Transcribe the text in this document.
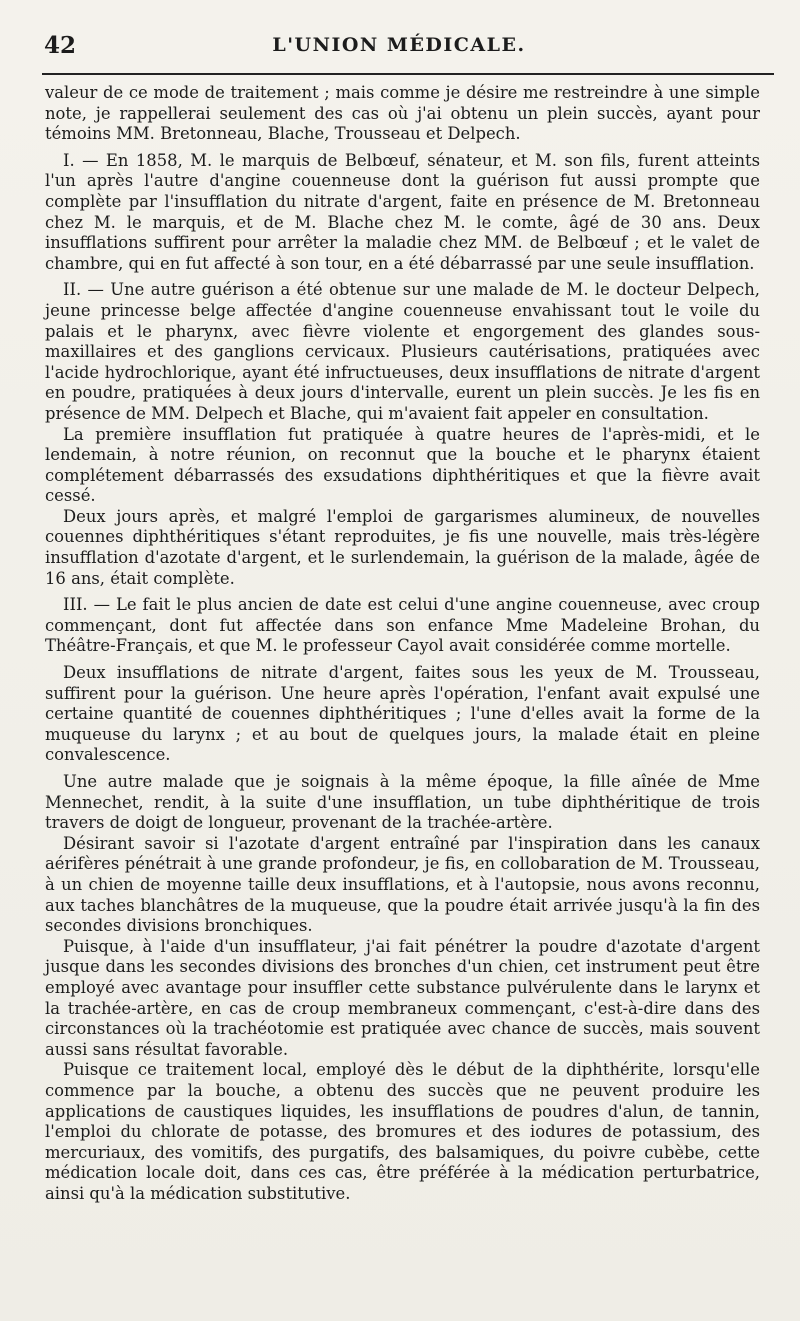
42	L'UNION MÉDICALE.

valeur de ce mode de traitement ; mais comme je désire me restreindre à une simple note, je rappellerai seulement des cas où j'ai obtenu un plein succès, ayant pour témoins MM. Bretonneau, Blache, Trousseau et Delpech.

I. — En 1858, M. le marquis de Belbœuf, sénateur, et M. son fils, furent atteints l'un après l'autre d'angine couenneuse dont la guérison fut aussi prompte que complète par l'insufflation du nitrate d'argent, faite en présence de M. Bretonneau chez M. le marquis, et de M. Blache chez M. le comte, âgé de 30 ans. Deux insufflations suffirent pour arrêter la maladie chez MM. de Belbœuf ; et le valet de chambre, qui en fut affecté à son tour, en a été débarrassé par une seule insufflation.

II. — Une autre guérison a été obtenue sur une malade de M. le docteur Delpech, jeune princesse belge affectée d'angine couenneuse envahissant tout le voile du palais et le pharynx, avec fièvre violente et engorgement des glandes sous-maxillaires et des ganglions cervicaux. Plusieurs cautérisations, pratiquées avec l'acide hydrochlorique, ayant été infructueuses, deux insufflations de nitrate d'argent en poudre, pratiquées à deux jours d'intervalle, eurent un plein succès. Je les fis en présence de MM. Delpech et Blache, qui m'avaient fait appeler en consultation.

La première insufflation fut pratiquée à quatre heures de l'après-midi, et le lendemain, à notre réunion, on reconnut que la bouche et le pharynx étaient complétement débarrassés des exsudations diphthéritiques et que la fièvre avait cessé.

Deux jours après, et malgré l'emploi de gargarismes alumineux, de nouvelles couennes diphthéritiques s'étant reproduites, je fis une nouvelle, mais très-légère insufflation d'azotate d'argent, et le surlendemain, la guérison de la malade, âgée de 16 ans, était complète.

III. — Le fait le plus ancien de date est celui d'une angine couenneuse, avec croup commençant, dont fut affectée dans son enfance Mme Madeleine Brohan, du Théâtre-Français, et que M. le professeur Cayol avait considérée comme mortelle.

Deux insufflations de nitrate d'argent, faites sous les yeux de M. Trousseau, suffirent pour la guérison. Une heure après l'opération, l'enfant avait expulsé une certaine quantité de couennes diphthéritiques ; l'une d'elles avait la forme de la muqueuse du larynx ; et au bout de quelques jours, la malade était en pleine convalescence.

Une autre malade que je soignais à la même époque, la fille aînée de Mme Mennechet, rendit, à la suite d'une insufflation, un tube diphthéritique de trois travers de doigt de longueur, provenant de la trachée-artère.

Désirant savoir si l'azotate d'argent entraîné par l'inspiration dans les canaux aérifères pénétrait à une grande profondeur, je fis, en collobaration de M. Trousseau, à un chien de moyenne taille deux insufflations, et à l'autopsie, nous avons reconnu, aux taches blanchâtres de la muqueuse, que la poudre était arrivée jusqu'à la fin des secondes divisions bronchiques.

Puisque, à l'aide d'un insufflateur, j'ai fait pénétrer la poudre d'azotate d'argent jusque dans les secondes divisions des bronches d'un chien, cet instrument peut être employé avec avantage pour insuffler cette substance pulvérulente dans le larynx et la trachée-artère, en cas de croup membraneux commençant, c'est-à-dire dans des circonstances où la trachéotomie est pratiquée avec chance de succès, mais souvent aussi sans résultat favorable.

Puisque ce traitement local, employé dès le début de la diphthérite, lorsqu'elle commence par la bouche, a obtenu des succès que ne peuvent produire les applications de caustiques liquides, les insufflations de poudres d'alun, de tannin, l'emploi du chlorate de potasse, des bromures et des iodures de potassium, des mercuriaux, des vomitifs, des purgatifs, des balsamiques, du poivre cubèbe, cette médication locale doit, dans ces cas, être préférée à la médication perturbatrice, ainsi qu'à la médication substitutive.
